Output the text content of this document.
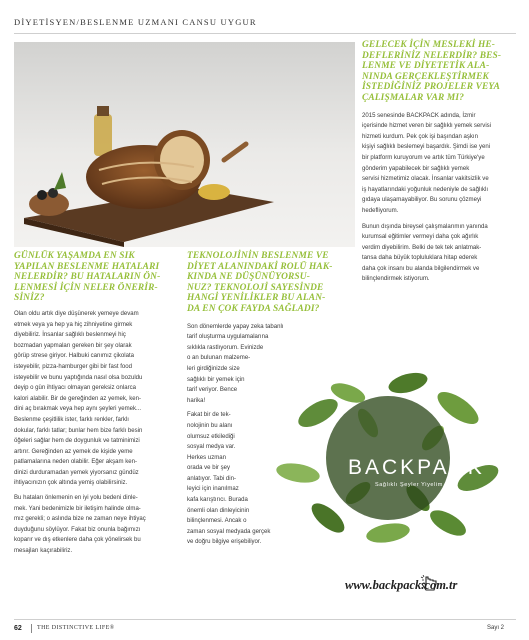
DİYETİSYEN/BESLENME UZMANI CANSU UYGUR

GÜNLÜK YAŞAMDA EN SIK
YAPILAN BESLENME HATALARI
NELERDİR? BU HATALARIN ÖN-
LENMESİ İÇİN NELER ÖNERİR-
SİNİZ?

Olan oldu artık diye düşünerek yemeye devam
etmek veya ya hep ya hiç zihniyetine girmek
diyebiliriz. İnsanlar sağlıklı beslenmeyi hiç
bozmadan yapmaları gereken bir şey olarak
görüp strese giriyor. Halbuki canımız çikolata
isteyebilir, pizza-hamburger gibi bir fast food
isteyebilir ve bunu yaptığında nasıl olsa bozuldu
deyip o gün ihtiyacı olmayan gereksiz onlarca
kalori alabilir. Bir de gereğinden az yemek, ken-
dini aç bırakmak veya hep aynı şeyleri yemek...
Beslenme çeşitlilik ister, farklı renkler, farklı
dokular, farklı tatlar; bunlar hem bize farklı besin
öğeleri sağlar hem de doygunluk ve tatminimizi
artırır. Gereğinden az yemek de kişide yeme
patlamalarına neden olabilir. Eğer akşam ken-
dinizi durduramadan yemek yiyorsanız gündüz
ihtiyacınızın çok altında yemiş olabilirsiniz.

Bu hataları önlemenin en iyi yolu bedeni dinle-
mek. Yani bedenimizle bir iletişim halinde olma-
mız gerekli; o aslında bize ne zaman neye ihtiyaç
duyduğunu söylüyor. Fakat biz onunla bağımızı
koparır ve dış etkenlere daha çok yönelirsek bu
mesajları kaçırabiliriz.

TEKNOLOJİNİN BESLENME VE
DİYET ALANINDAKİ ROLÜ HAK-
KINDA NE DÜŞÜNÜYORSU-
NUZ? TEKNOLOJİ SAYESİNDE
HANGİ YENİLİKLER BU ALAN-
DA EN ÇOK FAYDA SAĞLADI?

Son dönemlerde yapay zeka tabanlı
tarif oluşturma uygulamalarına
sıklıkla rastlıyorum. Evinizde
o an bulunan malzeme-
leri girdiğinizde size
sağlıklı bir yemek için
tarif veriyor. Bence
harika!

Fakat bir de tek-
nolojinin bu alanı
olumsuz etkilediği
sosyal medya var.
Herkes uzman
orada ve bir şey
anlatıyor. Tabi din-
leyici için inanılmaz
kafa karıştırıcı. Burada
önemli olan dinleyicinin
bilinçlenmesi. Ancak o
zaman sosyal medyada gerçek
ve doğru bilgiye erişebiliyor.

GELECEK İÇİN MESLEKİ HE-
DEFLERİNİZ NELERDİR? BES-
LENME VE DİYETETİK ALA-
NINDA GERÇEKLEŞTİRMEK
İSTEDİĞİNİZ PROJELER VEYA
ÇALIŞMALAR VAR MI?

2015 senesinde BACKPACK adında, İzmir
içerisinde hizmet veren bir sağlıklı yemek servisi
hizmeti kurdum. Pek çok işi başından aşkın
kişiyi sağlıklı beslemeyi başardık. Şimdi ise yeni
bir platform kuruyorum ve artık tüm Türkiye'ye
gönderim yapabilecek bir sağlıklı yemek
servisi hizmetimiz olacak. İnsanlar vakitsizlik ve
iş hayatlarındaki yoğunluk nedeniyle de sağlıklı
gıdaya ulaşamayabiliyor. Bu sorunu çözmeyi
hedefliyorum.

Bunun dışında bireysel çalışmalarımın yanında
kurumsal eğitimler vermeyi daha çok ağırlık
verdim diyebilirim. Belki de tek tek anlatmak-
tansa daha büyük topluluklara hitap ederek
daha çok insanı bu alanda bilgilendirmek ve
bilinçlendirmek istiyorum.

BACKPACK
Sağlıklı Şeyler Yiyelim
www.backpack.com.tr
62	THE DISTINCTIVE LIFE®	Sayı 2
